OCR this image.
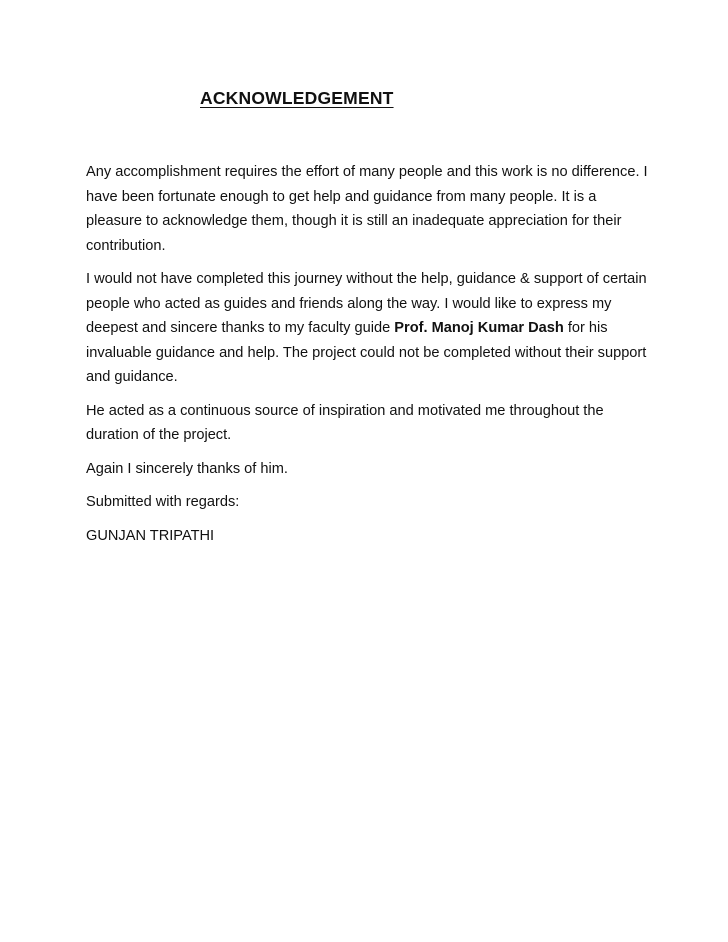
ACKNOWLEDGEMENT

Any accomplishment requires the effort of many people and this work is no difference. I have been fortunate enough to get help and guidance from many people. It is a pleasure to acknowledge them, though it is still an inadequate appreciation for their contribution.

I would not have completed this journey without the help, guidance & support of certain people who acted as guides and friends along the way. I would like to express my deepest and sincere thanks to my faculty guide Prof. Manoj Kumar Dash for his invaluable guidance and help. The project could not be completed without their support and guidance.

He acted as a continuous source of inspiration and motivated me throughout the duration of the project.

Again I sincerely thanks of him.

Submitted with regards:

GUNJAN TRIPATHI
